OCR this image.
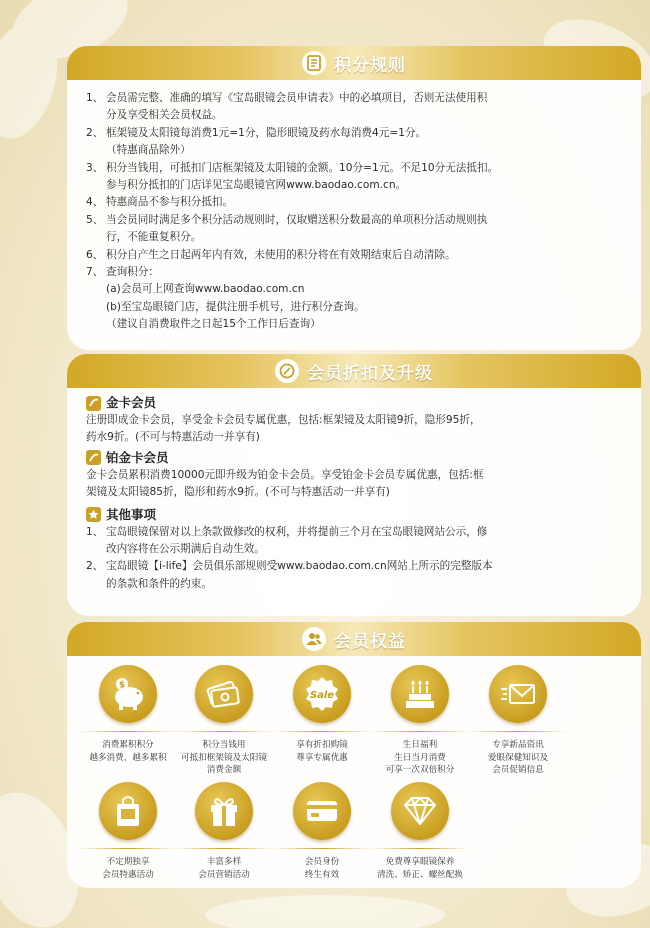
积分规则
1、 会员需完整、准确的填写《宝岛眼镜会员申请表》中的必填项目，否则无法使用积
分及享受相关会员权益。
2、 框架镜及太阳镜每消费1元=1分，隐形眼镜及药水每消费4元=1分。
（特惠商品除外）
3、 积分当钱用，可抵扣门店框架镜及太阳镜的金额。10分=1元。不足10分无法抵扣。
参与积分抵扣的门店详见宝岛眼镜官网www.baodao.com.cn。
4、 特惠商品不参与积分抵扣。
5、 当会员同时满足多个积分活动规则时，仅取赠送积分数最高的单项积分活动规则执
行，不能重复积分。
6、 积分自产生之日起两年内有效，未使用的积分将在有效期结束后自动清除。
7、 查询积分：
(a)会员可上网查询www.baodao.com.cn
(b)至宝岛眼镜门店，提供注册手机号，进行积分查询。
（建议自消费取件之日起15个工作日后查询）
会员折扣及升级
金卡会员
注册即成金卡会员，享受金卡会员专属优惠，包括:框架镜及太阳镜9折，隐形95折，
药水9折。(不可与特惠活动一并享有)
铂金卡会员
金卡会员累积消费10000元即升级为铂金卡会员。享受铂金卡会员专属优惠，包括:框
架镜及太阳镜85折，隐形和药水9折。(不可与特惠活动一并享有)
其他事项
1、 宝岛眼镜保留对以上条款做修改的权利，并将提前三个月在宝岛眼镜网站公示，修
改内容将在公示期满后自动生效。
2、 宝岛眼镜【i-life】会员俱乐部规则受www.baodao.com.cn网站上所示的完整版本
的条款和条件的约束。
会员权益
$
消费累积积分
越多消费，越多累积
积分当钱用
可抵扣框架镜及太阳镜
消费金额
Sale
享有折扣购镜
尊享专属优惠
生日福利
生日当月消费
可享一次双倍积分
专享新品资讯
爱眼保健知识及
会员促销信息
不定期独享
会员特惠活动
丰富多样
会员营销活动
会员身份
终生有效
免费尊享眼镜保养
清洗、矫正、螺丝配换
